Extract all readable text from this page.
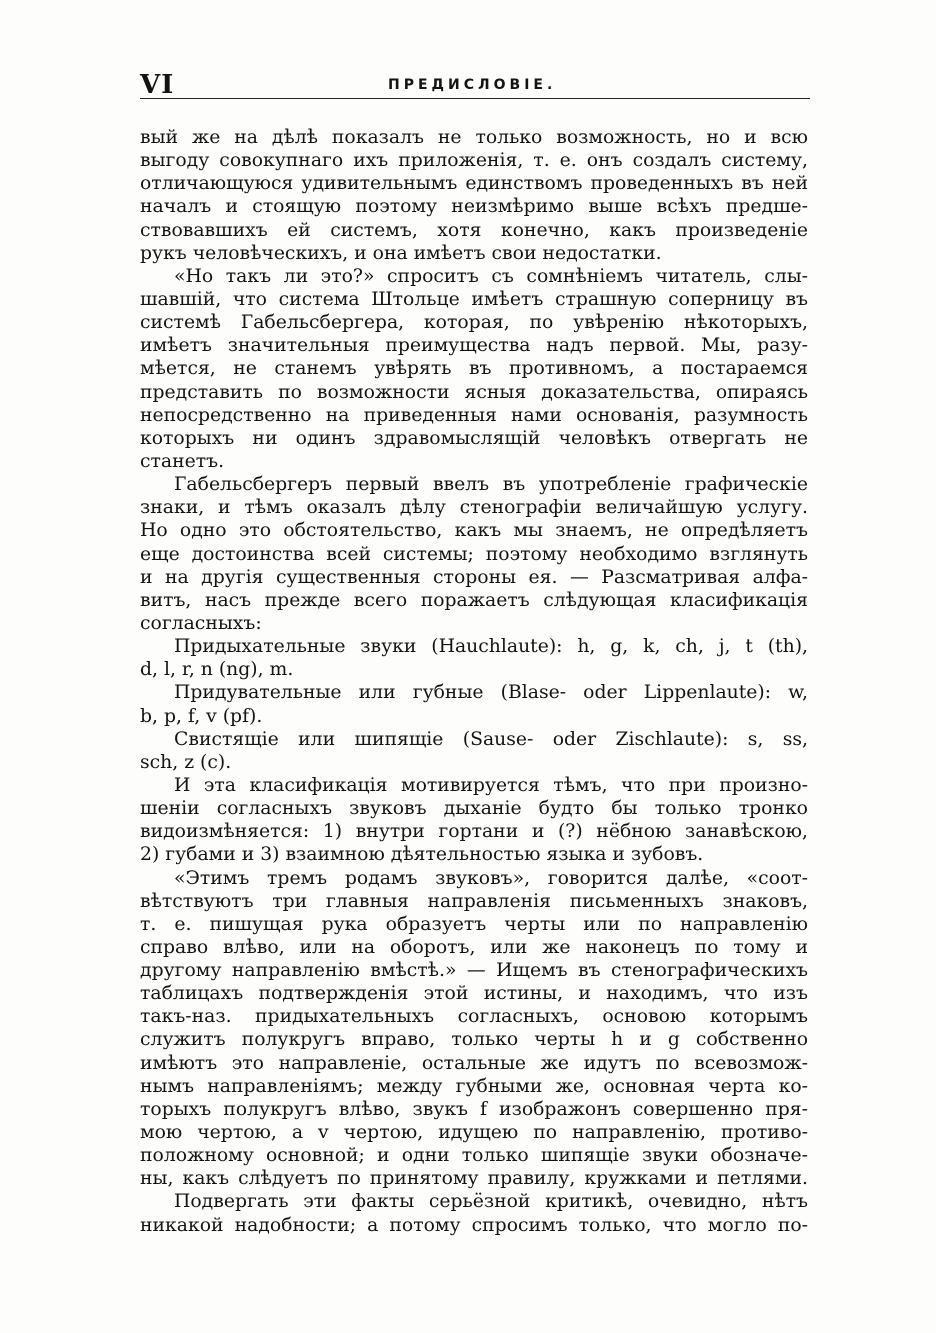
VI	ПРЕДИСЛОВІЕ.
вый же на дѣлѣ показалъ не только возможность, но и всю
выгоду совокупнаго ихъ приложенія, т. е. онъ создалъ систему,
отличающуюся удивительнымъ единствомъ проведенныхъ въ ней
началъ и стоящую поэтому неизмѣримо выше всѣхъ предше-
ствовавшихъ ей системъ, хотя конечно, какъ произведеніе
рукъ человѣческихъ, и она имѣетъ свои недостатки.
«Но такъ ли это?» спроситъ съ сомнѣніемъ читатель, слы-
шавшій, что система Штольце имѣетъ страшную соперницу въ
системѣ Габельсбергера, которая, по увѣренію нѣкоторыхъ,
имѣетъ значительныя преимущества надъ первой. Мы, разу-
мѣется, не станемъ увѣрять въ противномъ, а постараемся
представить по возможности ясныя доказательства, опираясь
непосредственно на приведенныя нами основанія, разумность
которыхъ ни одинъ здравомыслящій человѣкъ отвергать не
станетъ.
Габельсбергеръ первый ввелъ въ употребленіе графическіе
знаки, и тѣмъ оказалъ дѣлу стенографіи величайшую услугу.
Но одно это обстоятельство, какъ мы знаемъ, не опредѣляетъ
еще достоинства всей системы; поэтому необходимо взглянуть
и на другія существенныя стороны ея. — Разсматривая алфа-
витъ, насъ прежде всего поражаетъ слѣдующая класификація
согласныхъ:
Придыхательные звуки (Hauchlaute): h, g, k, ch, j, t (th),
d, l, r, n (ng), m.
Придувательные или губные (Blase- oder Lippenlaute): w,
b, p, f, v (pf).
Свистящіе или шипящіе (Sause- oder Zischlaute): s, ss,
sch, z (c).
И эта класификація мотивируется тѣмъ, что при произно-
шеніи согласныхъ звуковъ дыханіе будто бы только тронко
видоизмѣняется: 1) внутри гортани и (?) нёбною занавѣскою,
2) губами и 3) взаимною дѣятельностью языка и зубовъ.
«Этимъ тремъ родамъ звуковъ», говорится далѣе, «соот-
вѣтствуютъ три главныя направленія письменныхъ знаковъ,
т. е. пишущая рука образуетъ черты или по направленію
справо влѣво, или на оборотъ, или же наконецъ по тому и
другому направленію вмѣстѣ.» — Ищемъ въ стенографическихъ
таблицахъ подтвержденія этой истины, и находимъ, что изъ
такъ-наз. придыхательныхъ согласныхъ, основою которымъ
служитъ полукругъ вправо, только черты h и g собственно
имѣютъ это направленіе, остальные же идутъ по всевозмож-
нымъ направленіямъ; между губными же, основная черта ко-
торыхъ полукругъ влѣво, звукъ f изображонъ совершенно пря-
мою чертою, а v чертою, идущею по направленію, противо-
положному основной; и одни только шипящіе звуки обозначе-
ны, какъ слѣдуетъ по принятому правилу, кружками и петлями.
Подвергать эти факты серьёзной критикѣ, очевидно, нѣтъ
никакой надобности; а потому спросимъ только, что могло по-
